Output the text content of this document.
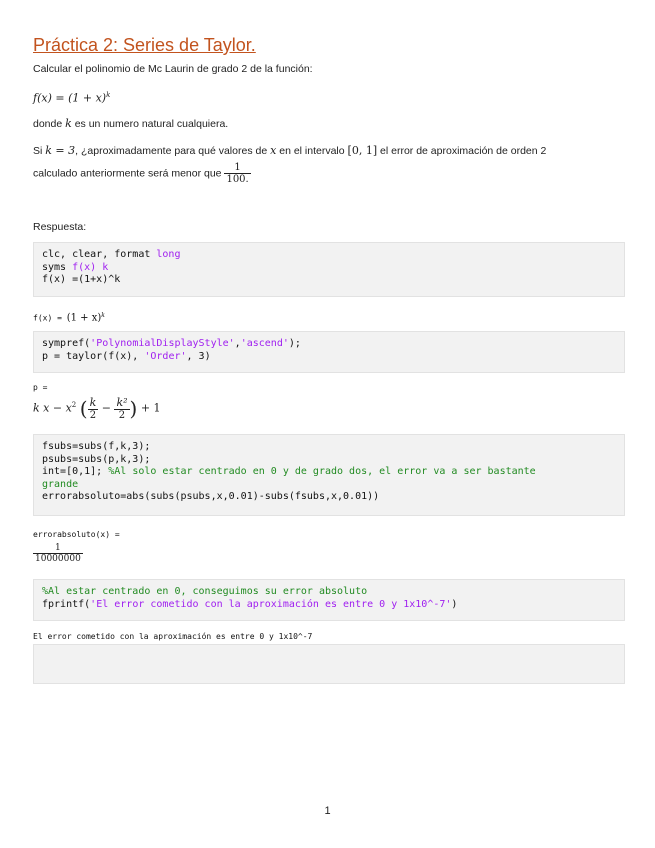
Práctica 2: Series de Taylor.
Calcular el polinomio de Mc Laurin de grado 2 de la función:
$f(x) = (1 + x)^k$
donde k es un numero natural cualquiera.
Si k = 3, ¿aproximadamente para qué valores de x en el intervalo [0, 1] el error de aproximación de orden 2
calculado anteriormente será menor que $\frac{1}{100.}$
Respuesta:
clc, clear, format long
syms f(x) k
f(x) =(1+x)^k
$f(x) = (1 + x)^k$
sympref('PolynomialDisplayStyle','ascend');
p = taylor(f(x), 'Order', 3)
p =
k $x - x^2$ ( $\frac{k}{2} - \frac{\text{k²}}{2}$ ) + 1
fsubs=subs(f,k,3);
psubs=subs(p,k,3);
int=[0,1]; %Al solo estar centrado en 0 y de grado dos, el error va a ser bastante
grande
errorabsoluto=abs(subs(psubs,x,0.01)-subs(fsubs,x,0.01))
errorabsoluto(x) =
$\frac{1}{10000000}$
%Al estar centrado en 0, conseguimos su error absoluto
fprintf('El error cometido con la aproximación es entre 0 y 1x10^-7')
El error cometido con la aproximación es entre 0 y 1x10^-7
1
